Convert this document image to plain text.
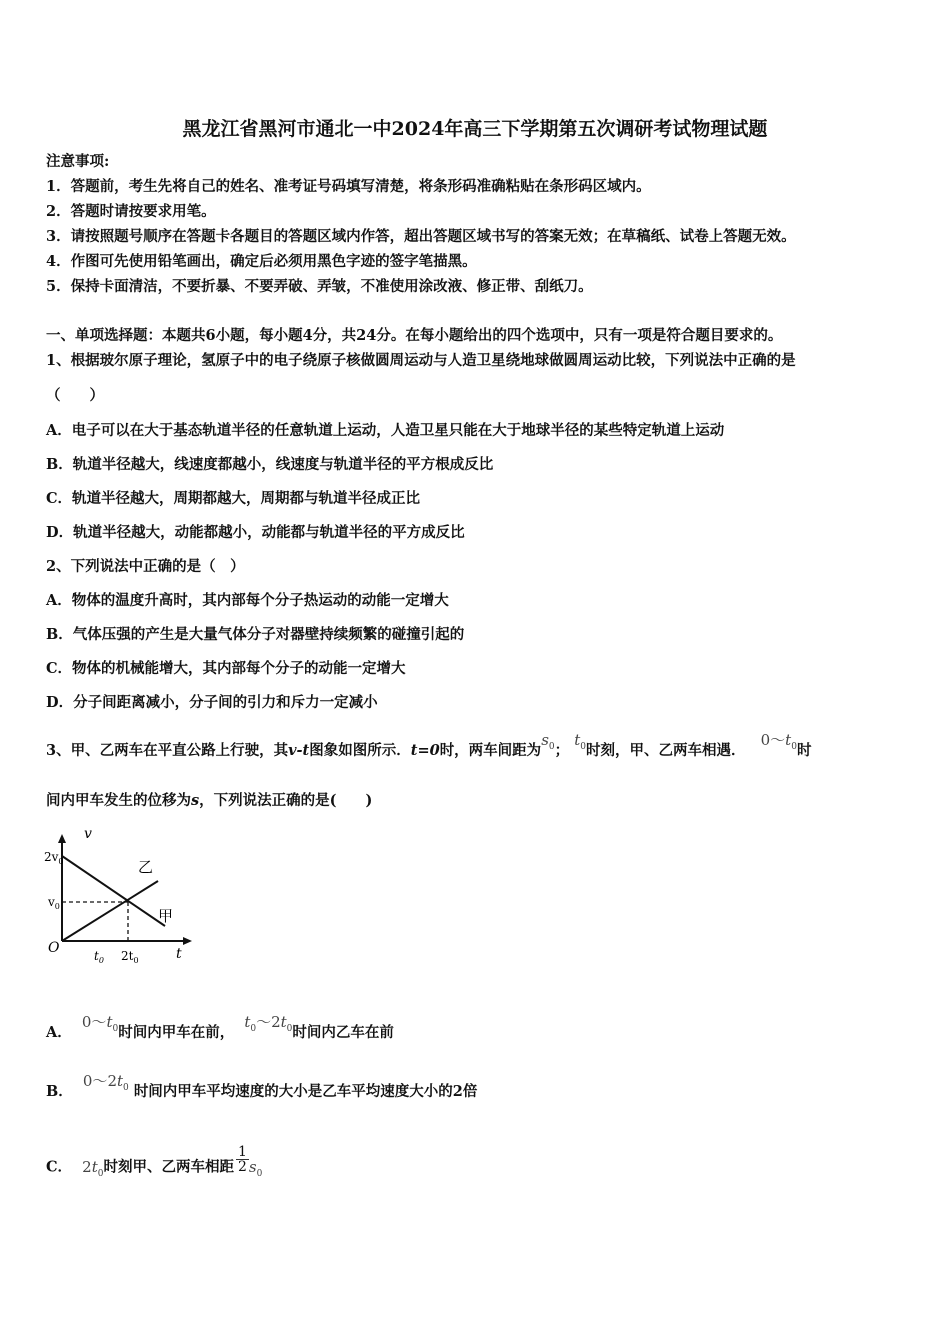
黑龙江省黑河市通北一中2024年高三下学期第五次调研考试物理试题
注意事项:
1．答题前，考生先将自己的姓名、准考证号码填写清楚，将条形码准确粘贴在条形码区域内。
2．答题时请按要求用笔。
3．请按照题号顺序在答题卡各题目的答题区域内作答，超出答题区域书写的答案无效；在草稿纸、试卷上答题无效。
4．作图可先使用铅笔画出，确定后必须用黑色字迹的签字笔描黑。
5．保持卡面清洁，不要折暴、不要弄破、弄皱，不准使用涂改液、修正带、刮纸刀。
一、单项选择题：本题共6小题，每小题4分，共24分。在每小题给出的四个选项中，只有一项是符合题目要求的。
1、根据玻尔原子理论，氢原子中的电子绕原子核做圆周运动与人造卫星绕地球做圆周运动比较，下列说法中正确的是
（　　）
A．电子可以在大于基态轨道半径的任意轨道上运动，人造卫星只能在大于地球半径的某些特定轨道上运动
B．轨道半径越大，线速度都越小，线速度与轨道半径的平方根成反比
C．轨道半径越大，周期都越大，周期都与轨道半径成正比
D．轨道半径越大，动能都越小，动能都与轨道半径的平方成反比
2、下列说法中正确的是（　）
A．物体的温度升高时，其内部每个分子热运动的动能一定增大
B．气体压强的产生是大量气体分子对器壁持续频繁的碰撞引起的
C．物体的机械能增大，其内部每个分子的动能一定增大
D．分子间距离减小，分子间的引力和斥力一定减小
3、甲、乙两车在平直公路上行驶，其v-t图象如图所示．t=0时，两车间距为$s_0$； $t_0$时刻，甲、乙两车相遇．   $0\sim t_0$时
间内甲车发生的位移为s，下列说法正确的是(　　)
v
t
O
$2v_0$
$v_0$
$t_0$ $2t_0$
乙
甲
A．  $0\sim t_0$时间内甲车在前，  $t_0\sim 2t_0$时间内乙车在前
B．  $0\sim 2t_0$ 时间内甲车平均速度的大小是乙车平均速度大小的2倍
C． $2t_0$时刻甲、乙两车相距 $\frac{1}{2} s_0$
